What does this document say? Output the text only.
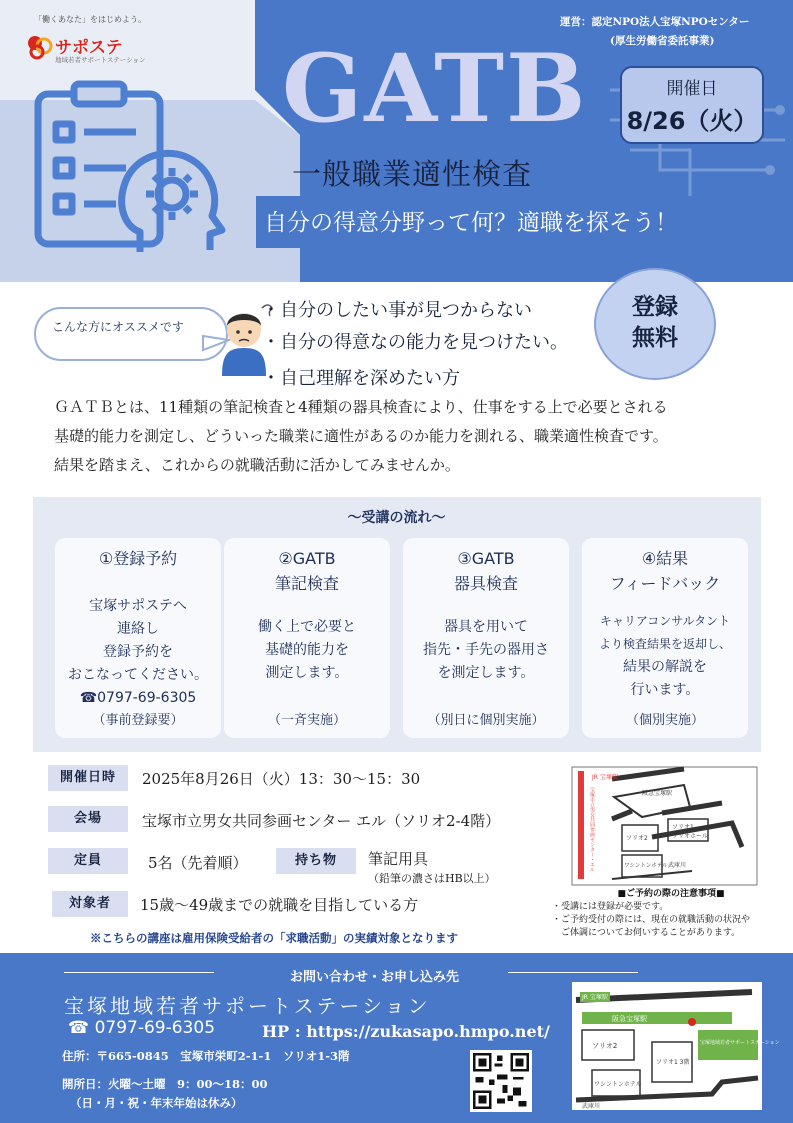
「働くあなた」をはじめよう。
サポステ
地域若者サポートステーション
運営：認定NPO法人宝塚NPOセンター
(厚生労働省委託事業)
GATB
一般職業適性検査
自分の得意分野って何？適職を探そう！
開催日
8/26（火）
こんな方にオススメです
・自分のしたい事が見つからない
・自分の得意なの能力を見つけたい。
・自己理解を深めたい方
登録
無料
ＧＡＴＢとは、11種類の筆記検査と4種類の器具検査により、仕事をする上で必要とされる
基礎的能力を測定し、どういった職業に適性があるのか能力を測れる、職業適性検査です。
結果を踏まえ、これからの就職活動に活かしてみませんか。
～受講の流れ～
①登録予約
宝塚サポステへ
連絡し
登録予約を
おこなってください。
☎0797-69-6305
（事前登録要）
②GATB
筆記検査
働く上で必要と
基礎的能力を
測定します。
（一斉実施）
③GATB
器具検査
器具を用いて
指先・手先の器用さ
を測定します。
（別日に個別実施）
④結果
フィードバック
キャリアコンサルタント
より検査結果を返却し、
結果の解説を
行います。
（個別実施）
開催日時	2025年8月26日（火）13：30～15：30
会場	宝塚市立男女共同参画センター エル（ソリオ2-4階）
定員	5名（先着順）	持ち物	筆記用具
（鉛筆の濃さはHB以上）
対象者	15歳～49歳までの就職を目指している方
※こちらの講座は雇用保険受給者の「求職活動」の実績対象となります
JR 宝塚駅
阪急宝塚駅
ソリオ2
ソリオ1
ソリオホール
ワシントンホテル 武庫川
宝塚市立男女共同参画センター・エル
■ご予約の際の注意事項■
・受講には登録が必要です。
・ご予約受付の際には、現在の就職活動の状況や
　ご体調についてお伺いすることがあります。
お問い合わせ・お申し込み先
宝塚地域若者サポートステーション
☎ 0797-69-6305	HP : https://zukasapo.hmpo.net/
住所：〒665-0845　宝塚市栄町2-1-1　ソリオ1-3階
開所日：火曜～土曜　9：00～18：00
（日・月・祝・年末年始は休み）
JR 宝塚駅
阪急宝塚駅
ソリオ2
ソリオ1 3階
ワシントンホテル
武庫川
宝塚地域若者サポートステーション
